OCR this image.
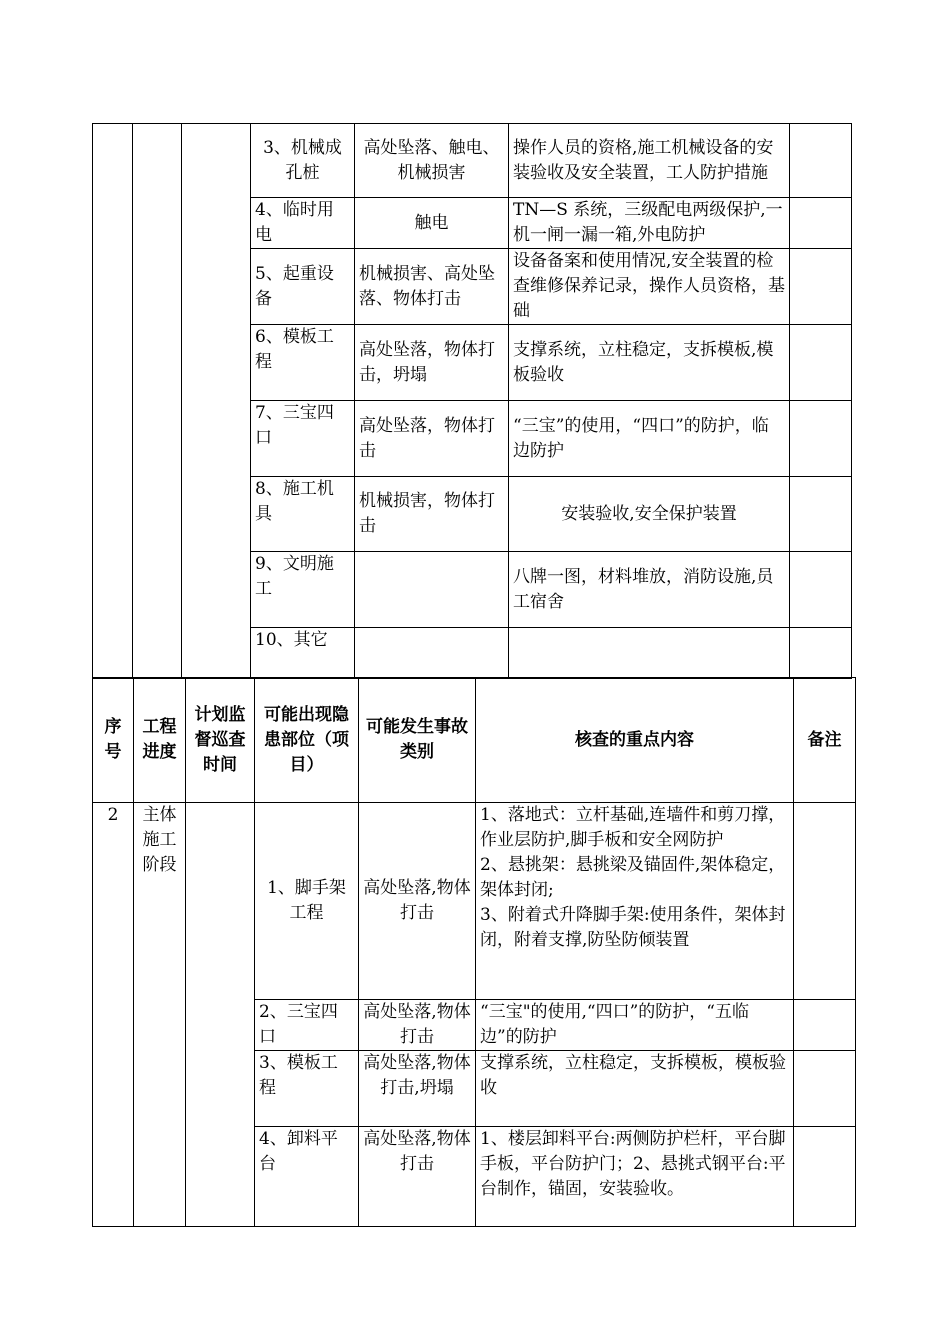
			3、机械成孔桩	高处坠落、触电、机械损害	操作人员的资格,施工机械设备的安装验收及安全装置，工人防护措施	
			4、临时用电	触电	TN—S 系统，三级配电两级保护,一机一闸一漏一箱,外电防护	
			5、起重设备	机械损害、高处坠落、物体打击	设备备案和使用情况,安全装置的检查维修保养记录，操作人员资格，基础	
			6、模板工程	高处坠落，物体打击，坍塌	支撑系统，立柱稳定，支拆模板,模板验收	
			7、三宝四口	高处坠落，物体打击	“三宝”的使用，“四口”的防护，临边防护	
			8、施工机具	机械损害，物体打击	安装验收,安全保护装置	
			9、文明施工		八牌一图，材料堆放，消防设施,员工宿舍	
			10、其它			
序号	工程进度	计划监督巡查时间	可能出现隐患部位（项目）	可能发生事故类别	核查的重点内容	备注
2	主体施工阶段		1、脚手架工程	高处坠落,物体打击	1、落地式：立杆基础,连墙件和剪刀撑，作业层防护,脚手板和安全网防护
2、悬挑架：悬挑梁及锚固件,架体稳定，架体封闭;
3、附着式升降脚手架:使用条件，架体封闭，附着支撑,防坠防倾装置	
			2、三宝四口	高处坠落,物体打击	“三宝"的使用,“四口”的防护，“五临边”的防护	
			3、模板工程	高处坠落,物体打击,坍塌	支撑系统，立柱稳定，支拆模板，模板验收	
			4、卸料平台	高处坠落,物体打击	1、楼层卸料平台:两侧防护栏杆，平台脚手板，平台防护门；2、悬挑式钢平台:平台制作，锚固，安装验收。	
